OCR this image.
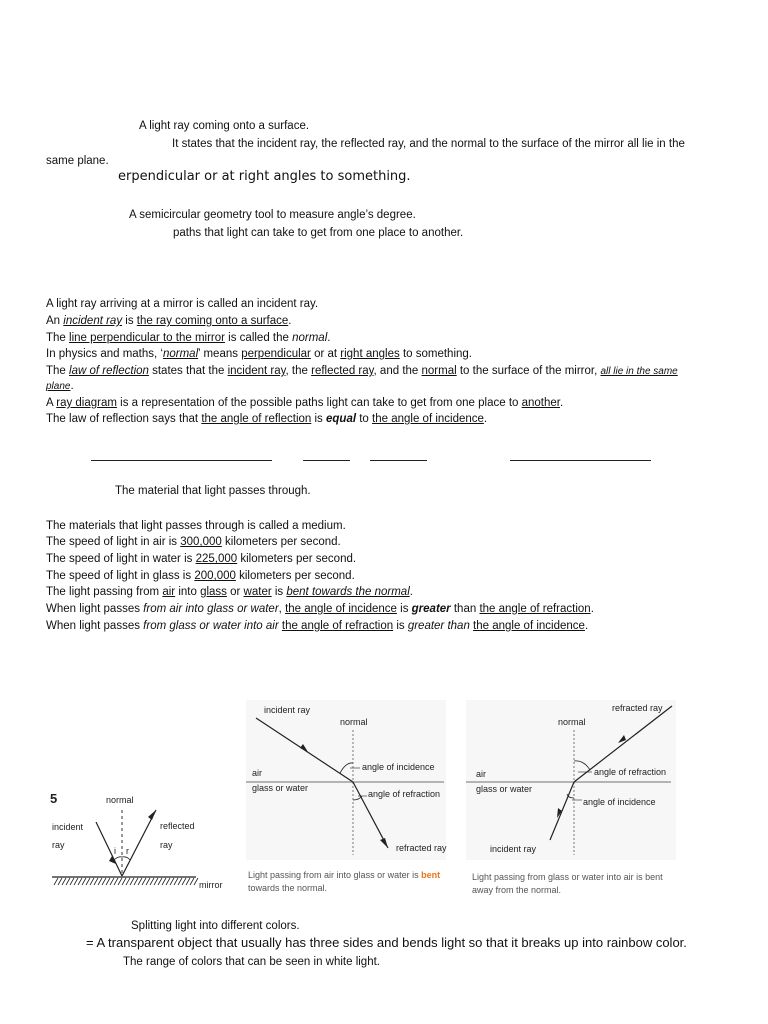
A light ray coming onto a surface.
It states that the incident ray, the reflected ray, and the normal to the surface of the mirror all lie in the
same plane.
erpendicular or at right angles to something.
A semicircular geometry tool to measure angle’s degree.
paths that light can take to get from one place to another.
A light ray arriving at a mirror is called an incident ray.
An incident ray is the ray coming onto a surface.
The line perpendicular to the mirror is called the normal.
In physics and maths, ‘normal’ means perpendicular or at right angles to something.
The law of reflection states that the incident ray, the reflected ray, and the normal to the surface of the mirror, all lie in the same
plane.
A ray diagram is a representation of the possible paths light can take to get from one place to another.
The law of reflection says that the angle of reflection is equal to the angle of incidence.
The material that light passes through.
The materials that light passes through is called a medium.
The speed of light in air is 300,000 kilometers per second.
The speed of light in water is 225,000 kilometers per second.
The speed of light in glass is 200,000 kilometers per second.
The light passing from air into glass or water is bent towards the normal.
When light passes from air into glass or water, the angle of incidence is greater than the angle of refraction.
When light passes from glass or water into air the angle of refraction is greater than the angle of incidence.
5	normal
incident
ray
reflected
ray
i r
mirror
incident ray
normal
air
glass or water
angle of incidence
angle of refraction
refracted ray
Light passing from air into glass or water is bent
towards the normal.
refracted ray
normal
air
glass or water
angle of refraction
angle of incidence
incident ray
Light passing from glass or water into air is bent
away from the normal.
Splitting light into different colors.
= A transparent object that usually has three sides and bends light so that it breaks up into rainbow color.
The range of colors that can be seen in white light.
